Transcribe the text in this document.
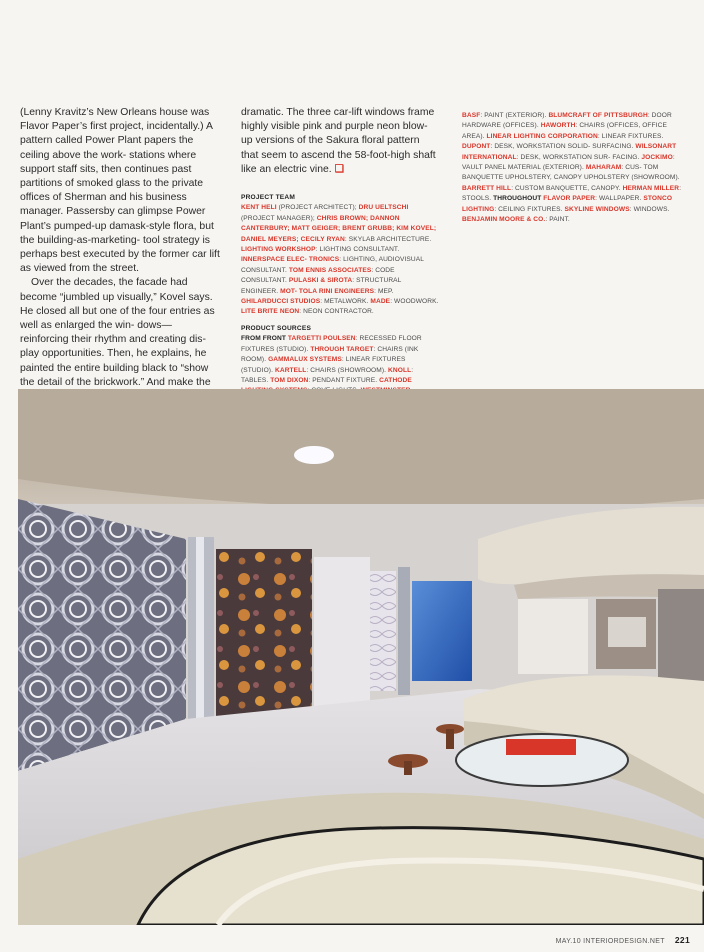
(Lenny Kravitz’s New Orleans house was Flavor Paper’s first project, incidentally.) A pattern called Power Plant papers the ceiling above the work- stations where support staff sits, then continues past partitions of smoked glass to the private offices of Sherman and his business manager. Passersby can glimpse Power Plant’s pumped-up damask-style flora, but the building-as-marketing- tool strategy is perhaps best executed by the former car lift as viewed from the street.

Over the decades, the facade had become “jumbled up visually,” Kovel says. He closed all but one of the four entries as well as enlarged the win- dows—reinforcing their rhythm and creating dis- play opportunities. Then, he explains, he painted the entire building black to “show the detail of the brickwork.” And make the

dramatic. The three car-lift windows frame highly visible pink and purple neon blow-up versions of the Sakura floral pattern that seem to ascend the 58-foot-high shaft like an electric vine. ❏

PROJECT TEAM
KENT HELI (PROJECT ARCHITECT); DRU UELTSCHI (PROJECT MANAGER); CHRIS BROWN; DANNON CANTERBURY; MATT GEIGER; BRENT GRUBB; KIM KOVEL; DANIEL MEYERS; CECILY RYAN: SKYLAB ARCHITECTURE. LIGHTING WORKSHOP: LIGHTING CONSULTANT. INNERSPACE ELEC- TRONICS: LIGHTING, AUDIOVISUAL CONSULTANT. TOM ENNIS ASSOCIATES: CODE CONSULTANT. PULASKI & SIROTA: STRUCTURAL ENGINEER. MOT- TOLA RINI ENGINEERS: MEP. GHILARDUCCI STUDIOS: METALWORK. MADE: WOODWORK. LITE BRITE NEON: NEON CONTRACTOR.
PRODUCT SOURCES
FROM FRONT TARGETTI POULSEN: RECESSED FLOOR FIXTURES (STUDIO). THROUGH TARGET: CHAIRS (INK ROOM). GAMMALUX SYSTEMS: LINEAR FIXTURES (STUDIO). KARTELL: CHAIRS (SHOWROOM). KNOLL: TABLES. TOM DIXON: PENDANT FIXTURE. CATHODE
BASF: PAINT (EXTERIOR). BLUMCRAFT OF PITTSBURGH: DOOR HARDWARE (OFFICES). HAWORTH: CHAIRS (OFFICES, OFFICE AREA). LINEAR LIGHTING CORPORATION: LINEAR FIXTURES. DUPONT: DESK, WORKSTATION SOLID- SURFACING. WILSONART INTERNATIONAL: DESK, WORKSTATION SUR- FACING. JOCKIMO: VAULT PANEL MATERIAL (EXTERIOR). MAHARAM: CUS- TOM BANQUETTE UPHOLSTERY, CANOPY UPHOLSTERY (SHOWROOM). BARRETT HILL: CUSTOM BANQUETTE, CANOPY. HERMAN MILLER: STOOLS. THROUGHOUT FLAVOR PAPER: WALLPAPER. STONCO LIGHTING: CEILING FIXTURES. SKYLINE WINDOWS: WINDOWS. BENJAMIN MOORE & CO.: PAINT.
MAY.10 INTERIORDESIGN.NET 221
